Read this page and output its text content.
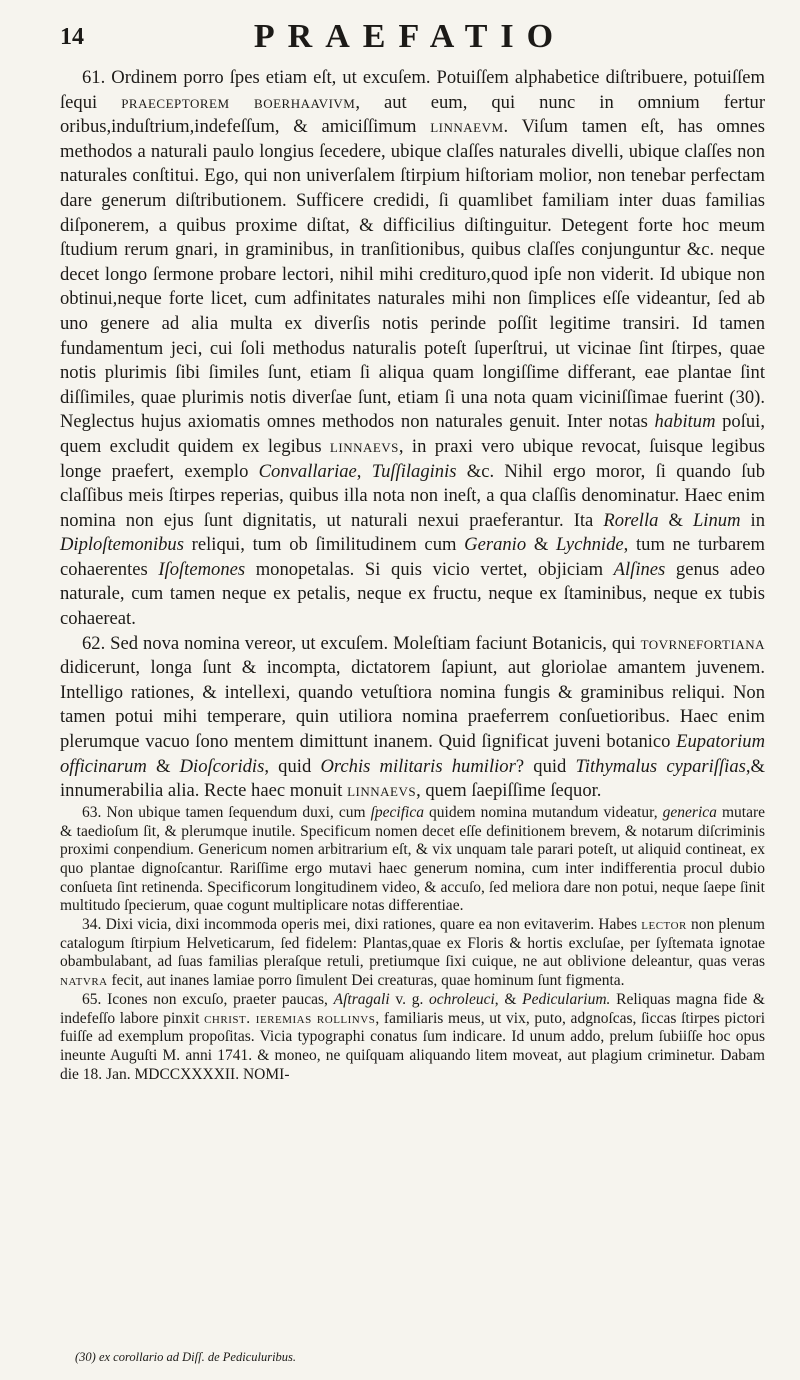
14	PRAEFATIO

61. Ordinem porro ſpes etiam eſt, ut excuſem. Potuiſſem alphabetice diſtribuere, potuiſſem ſequi praeceptorem boerhaavivm, aut eum, qui nunc in omnium fertur oribus,induſtrium,indefeſſum, & amiciſſimum linnaevm. Viſum tamen eſt, has omnes methodos a naturali paulo longius ſecedere, ubique claſſes naturales divelli, ubique claſſes non naturales conſtitui. Ego, qui non univerſalem ſtirpium hiſtoriam molior, non tenebar perfectam dare generum diſtributionem. Sufficere credidi, ſi quamlibet familiam inter duas familias diſponerem, a quibus proxime diſtat, & difficilius diſtinguitur. Detegent forte hoc meum ſtudium rerum gnari, in graminibus, in tranſitionibus, quibus claſſes conjunguntur &c. neque decet longo ſermone probare lectori, nihil mihi credituro,quod ipſe non viderit. Id ubique non obtinui,neque forte licet, cum adfinitates naturales mihi non ſimplices eſſe videantur, ſed ab uno genere ad alia multa ex diverſis notis perinde poſſit legitime transiri. Id tamen fundamentum jeci, cui ſoli methodus naturalis poteſt ſuperſtrui, ut vicinae ſint ſtirpes, quae notis plurimis ſibi ſimiles ſunt, etiam ſi aliqua quam longiſſime differant, eae plantae ſint diſſimiles, quae plurimis notis diverſae ſunt, etiam ſi una nota quam viciniſſimae fuerint (30). Neglectus hujus axiomatis omnes methodos non naturales genuit. Inter notas habitum poſui, quem excludit quidem ex legibus linnaevs, in praxi vero ubique revocat, ſuisque legibus longe praefert, exemplo Convallariae, Tuſſilaginis &c. Nihil ergo moror, ſi quando ſub claſſibus meis ſtirpes reperias, quibus illa nota non ineſt, a qua claſſis denominatur. Haec enim nomina non ejus ſunt dignitatis, ut naturali nexui praeferantur. Ita Rorella & Linum in Diploſtemonibus reliqui, tum ob ſimilitudinem cum Geranio & Lychnide, tum ne turbarem cohaerentes Iſoſtemones monopetalas. Si quis vicio vertet, objiciam Alſines genus adeo naturale, cum tamen neque ex petalis, neque ex fructu, neque ex ſtaminibus, neque ex tubis cohaereat.

62. Sed nova nomina vereor, ut excuſem. Moleſtiam faciunt Botanicis, qui tovrnefortiana didicerunt, longa ſunt & incompta, dictatorem ſapiunt, aut gloriolae amantem juvenem. Intelligo rationes, & intellexi, quando vetuſtiora nomina fungis & graminibus reliqui. Non tamen potui mihi temperare, quin utiliora nomina praeferrem conſuetioribus. Haec enim plerumque vacuo ſono mentem dimittunt inanem. Quid ſignificat juveni botanico Eupatorium officinarum & Dioſcoridis, quid Orchis militaris humilior? quid Tithymalus cypariſſias,& innumerabilia alia. Recte haec monuit linnaevs, quem ſaepiſſime ſequor.

63. Non ubique tamen ſequendum duxi, cum ſpecifica quidem nomina mutandum videatur, generica mutare & taedioſum ſit, & plerumque inutile. Specificum nomen decet eſſe definitionem brevem, & notarum diſcriminis proximi conpendium. Genericum nomen arbitrarium eſt, & vix unquam tale parari poteſt, ut aliquid contineat, ex quo plantae dignoſcantur. Rariſſime ergo mutavi haec generum nomina, cum inter indifferentia procul dubio conſueta ſint retinenda. Specificorum longitudinem video, & accuſo, ſed meliora dare non potui, neque ſaepe ſinit multitudo ſpecierum, quae cogunt multiplicare notas differentiae.

34. Dixi vicia, dixi incommoda operis mei, dixi rationes, quare ea non evitaverim. Habes lector non plenum catalogum ſtirpium Helveticarum, ſed fidelem: Plantas,quae ex Floris & hortis excluſae, per ſyſtemata ignotae obambulabant, ad ſuas familias pleraſque retuli, pretiumque ſixi cuique, ne aut oblivione deleantur, quas veras natvra fecit, aut inanes lamiae porro ſimulent Dei creaturas, quae hominum ſunt figmenta.

65. Icones non excuſo, praeter paucas, Aſtragali v. g. ochroleuci, & Pedicularium. Reliquas magna fide & indefeſſo labore pinxit christ. ieremias rollinvs, familiaris meus, ut vix, puto, adgnoſcas, ſiccas ſtirpes pictori fuiſſe ad exemplum propoſitas. Vicia typographi conatus ſum indicare. Id unum addo, prelum ſubiiſſe hoc opus ineunte Auguſti M. anni 1741. & moneo, ne quiſquam aliquando litem moveat, aut plagium criminetur. Dabam die 18. Jan. MDCCXXXXII. NOMI-

(30) ex corollario ad Diſſ. de Pediculuribus.
